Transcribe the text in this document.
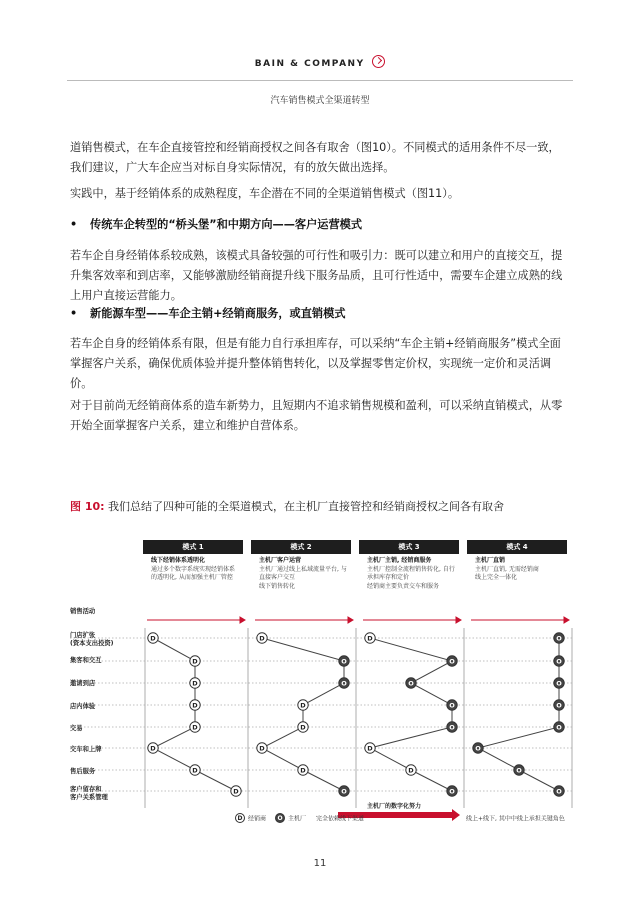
BAIN & COMPANY
汽车销售模式全渠道转型

道销售模式，在车企直接管控和经销商授权之间各有取舍（图10）。不同模式的适用条件不尽一致，我们建议，广大车企应当对标自身实际情况，有的放矢做出选择。

实践中，基于经销体系的成熟程度，车企潜在不同的全渠道销售模式（图11）。

• 传统车企转型的“桥头堡”和中期方向——客户运营模式

若车企自身经销体系较成熟，该模式具备较强的可行性和吸引力：既可以建立和用户的直接交互，提升集客效率和到店率，又能够激励经销商提升线下服务品质，且可行性适中，需要车企建立成熟的线上用户直接运营能力。

• 新能源车型——车企主销+经销商服务，或直销模式

若车企自身的经销体系有限，但是有能力自行承担库存，可以采纳“车企主销+经销商服务”模式全面掌握客户关系，确保优质体验并提升整体销售转化，以及掌握零售定价权，实现统一定价和灵活调价。

对于目前尚无经销商体系的造车新势力，且短期内不追求销售规模和盈利，可以采纳直销模式，从零开始全面掌握客户关系，建立和维护自营体系。

图 10: 我们总结了四种可能的全渠道模式，在主机厂直接管控和经销商授权之间各有取舍
模式 1
线下经销体系透明化
通过多个数字系统实现经销体系的透明化, 从而加强主机厂管控
模式 2
主机厂客户运营
主机厂通过线上私域流量平台, 与直接客户交互
线下销售转化
模式 3
主机厂主销, 经销商服务
主机厂控制全流程销售转化, 自行承担库存和定价
经销商主要负责交车和服务
模式 4
主机厂直销
主机厂直销, 无需经销商
线上完全一体化
销售活动
门店扩张
(资本支出投资)
集客和交互
邀请到店
店内体验
交易
交车和上牌
售后服务
客户留存和
客户关系管理
D
D
D
D
D
D
D
D
D
O
O
D
D
D
D
O
D
O
O
O
O
D
D
O
O
O
O
O
O
O
O
O
D 经销商 O 主机厂 完全依赖线下渠道
主机厂的数字化努力
线上+线下, 其中中线上承担关键角色
11
